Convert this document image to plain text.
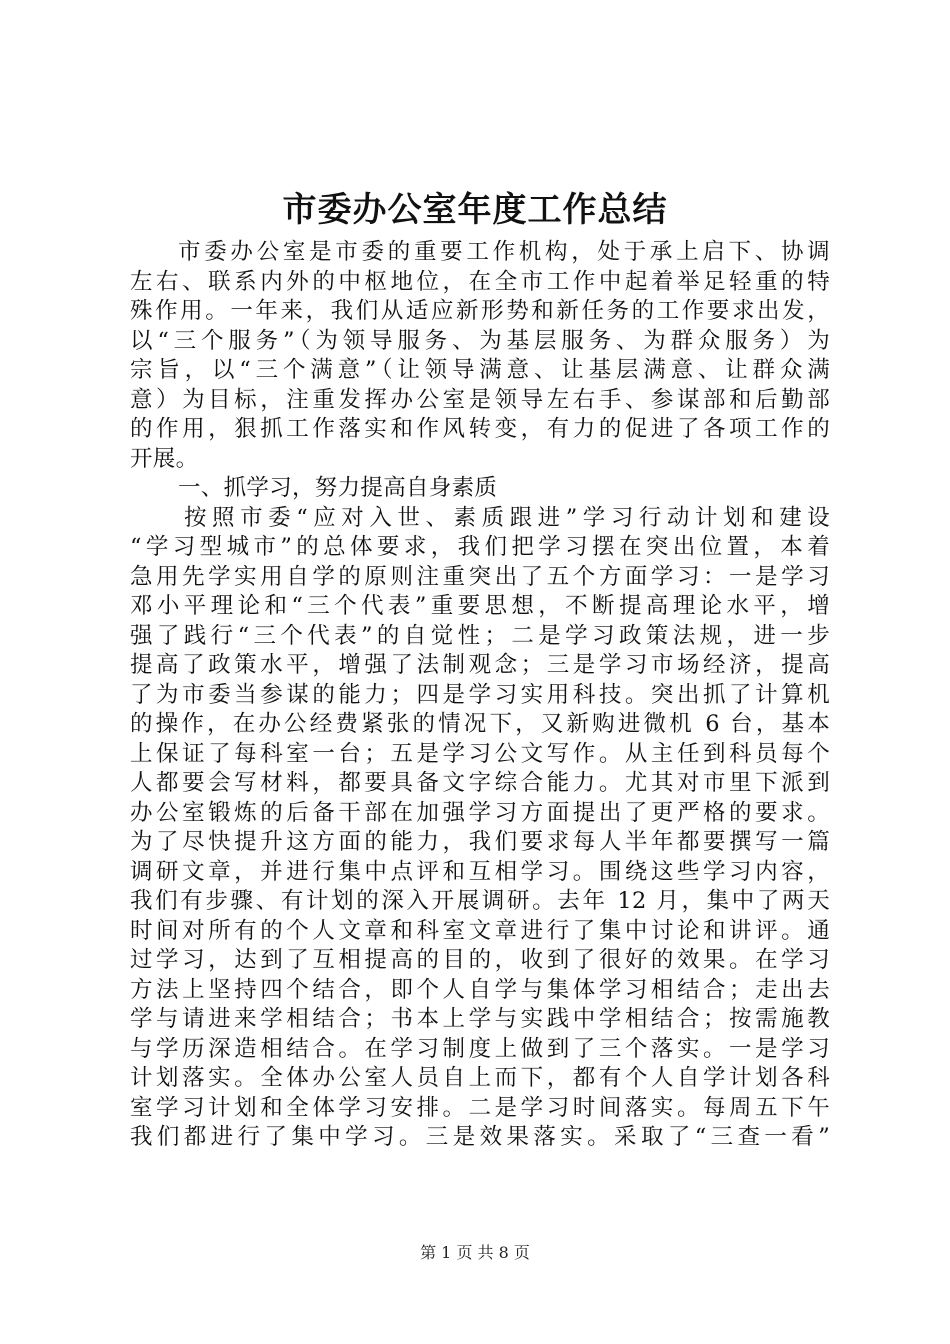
市委办公室年度工作总结
市委办公室是市委的重要工作机构，处于承上启下、协调
左右、联系内外的中枢地位，在全市工作中起着举足轻重的特
殊作用。一年来，我们从适应新形势和新任务的工作要求出发，
以“三个服务”（为领导服务、为基层服务、为群众服务）为
宗旨，以“三个满意”（让领导满意、让基层满意、让群众满
意）为目标，注重发挥办公室是领导左右手、参谋部和后勤部
的作用，狠抓工作落实和作风转变，有力的促进了各项工作的
开展。
一、抓学习，努力提高自身素质
按照市委“应对入世、素质跟进”学习行动计划和建设
“学习型城市”的总体要求，我们把学习摆在突出位置，本着
急用先学实用自学的原则注重突出了五个方面学习：一是学习
邓小平理论和“三个代表”重要思想，不断提高理论水平，增
强了践行“三个代表”的自觉性；二是学习政策法规，进一步
提高了政策水平，增强了法制观念；三是学习市场经济，提高
了为市委当参谋的能力；四是学习实用科技。突出抓了计算机
的操作，在办公经费紧张的情况下，又新购进微机 6 台，基本
上保证了每科室一台；五是学习公文写作。从主任到科员每个
人都要会写材料，都要具备文字综合能力。尤其对市里下派到
办公室锻炼的后备干部在加强学习方面提出了更严格的要求。
为了尽快提升这方面的能力，我们要求每人半年都要撰写一篇
调研文章，并进行集中点评和互相学习。围绕这些学习内容，
我们有步骤、有计划的深入开展调研。去年 12 月，集中了两天
时间对所有的个人文章和科室文章进行了集中讨论和讲评。通
过学习，达到了互相提高的目的，收到了很好的效果。在学习
方法上坚持四个结合，即个人自学与集体学习相结合；走出去
学与请进来学相结合；书本上学与实践中学相结合；按需施教
与学历深造相结合。在学习制度上做到了三个落实。一是学习
计划落实。全体办公室人员自上而下，都有个人自学计划各科
室学习计划和全体学习安排。二是学习时间落实。每周五下午
我们都进行了集中学习。三是效果落实。采取了“三查一看”
第 1 页 共 8 页
